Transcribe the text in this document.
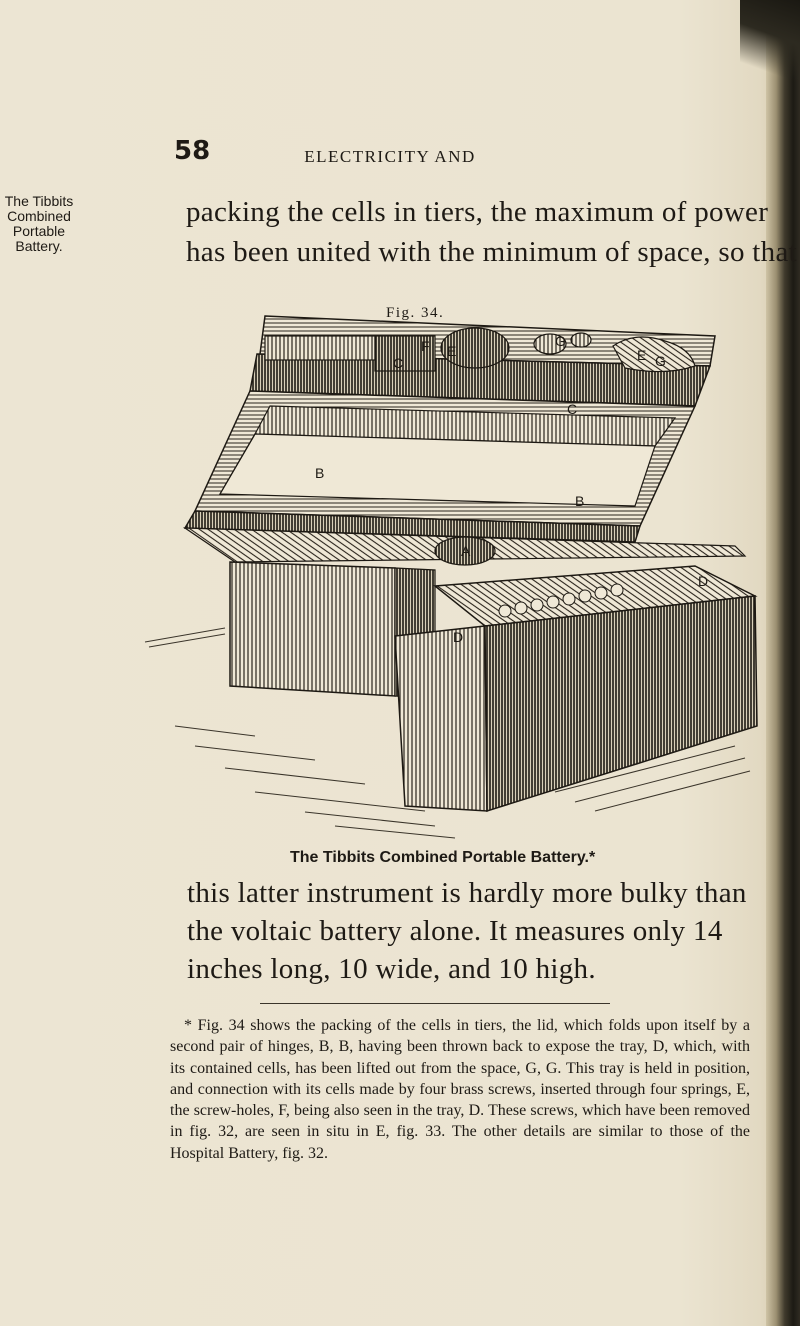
58	ELECTRICITY AND
The Tibbits
Combined
Portable
Battery.
packing the cells in tiers, the maximum of power
has been united with the minimum of space, so that
Fig. 34.
C
C
G
G
E	E
F
B
B
A
D
D
The Tibbits Combined Portable Battery.*
this latter instrument is hardly more bulky than
the voltaic battery alone. It measures only 14
inches long, 10 wide, and 10 high.

* Fig. 34 shows the packing of the cells in tiers, the lid, which folds upon itself by a second pair of hinges, B, B, having been thrown back to expose the tray, D, which, with its contained cells, has been lifted out from the space, G, G. This tray is held in position, and connection with its cells made by four brass screws, inserted through four springs, E, the screw-holes, F, being also seen in the tray, D. These screws, which have been removed in fig. 32, are seen in situ in E, fig. 33. The other details are similar to those of the Hospital Battery, fig. 32.
